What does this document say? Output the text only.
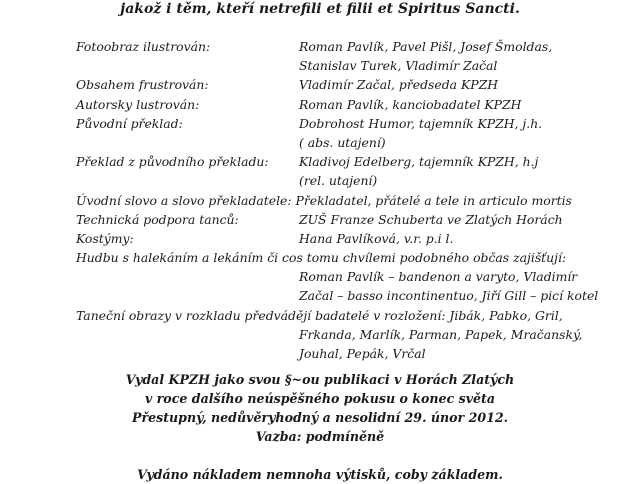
jakož i těm, kteří netrefili et filii et Spiritus Sancti.
Fotoobraz ilustrován:	Roman Pavlík, Pavel Pišl, Josef Šmoldas,
Stanislav Turek, Vladimír Začal
Obsahem frustrován:	Vladimír Začal, předseda KPZH
Autorsky lustrován:	Roman Pavlík, kanciobadatel KPZH
Původní překlad:	Dobrohost Humor, tajemník KPZH, j.h.
( abs. utajení)
Překlad z původního překladu: Kladivoj Edelberg, tajemník KPZH, h.j
(rel. utajení)
Úvodní slovo a slovo překladatele: Překladatel, přátelé a tele in articulo mortis
Technická podpora tanců:	ZUŠ Franze Schuberta ve Zlatých Horách
Kostýmy:	Hana Pavlíková, v.r. p.i l.
Hudbu s halekáním a lekáním či cos tomu chvílemi podobného občas zajišťují:
Roman Pavlík – bandenon a varyto, Vladimír
Začal – basso incontinentuo, Jiří Gill – picí kotel
Taneční obrazy v rozkladu předvádějí badatelé v rozložení: Jibák, Pabko, Gril,
Frkanda, Marlík, Parman, Papek, Mračanský,
Jouhal, Pepák, Vrčal
Vydal KPZH jako svou §~ou publikaci v Horách Zlatých
v roce dalšího neúspěšného pokusu o konec světa
Přestupný, nedůvěryhodný a nesolidní 29. únor 2012.
Vazba: podmíněně
Vydáno nákladem nemnoha výtisků, coby základem.
